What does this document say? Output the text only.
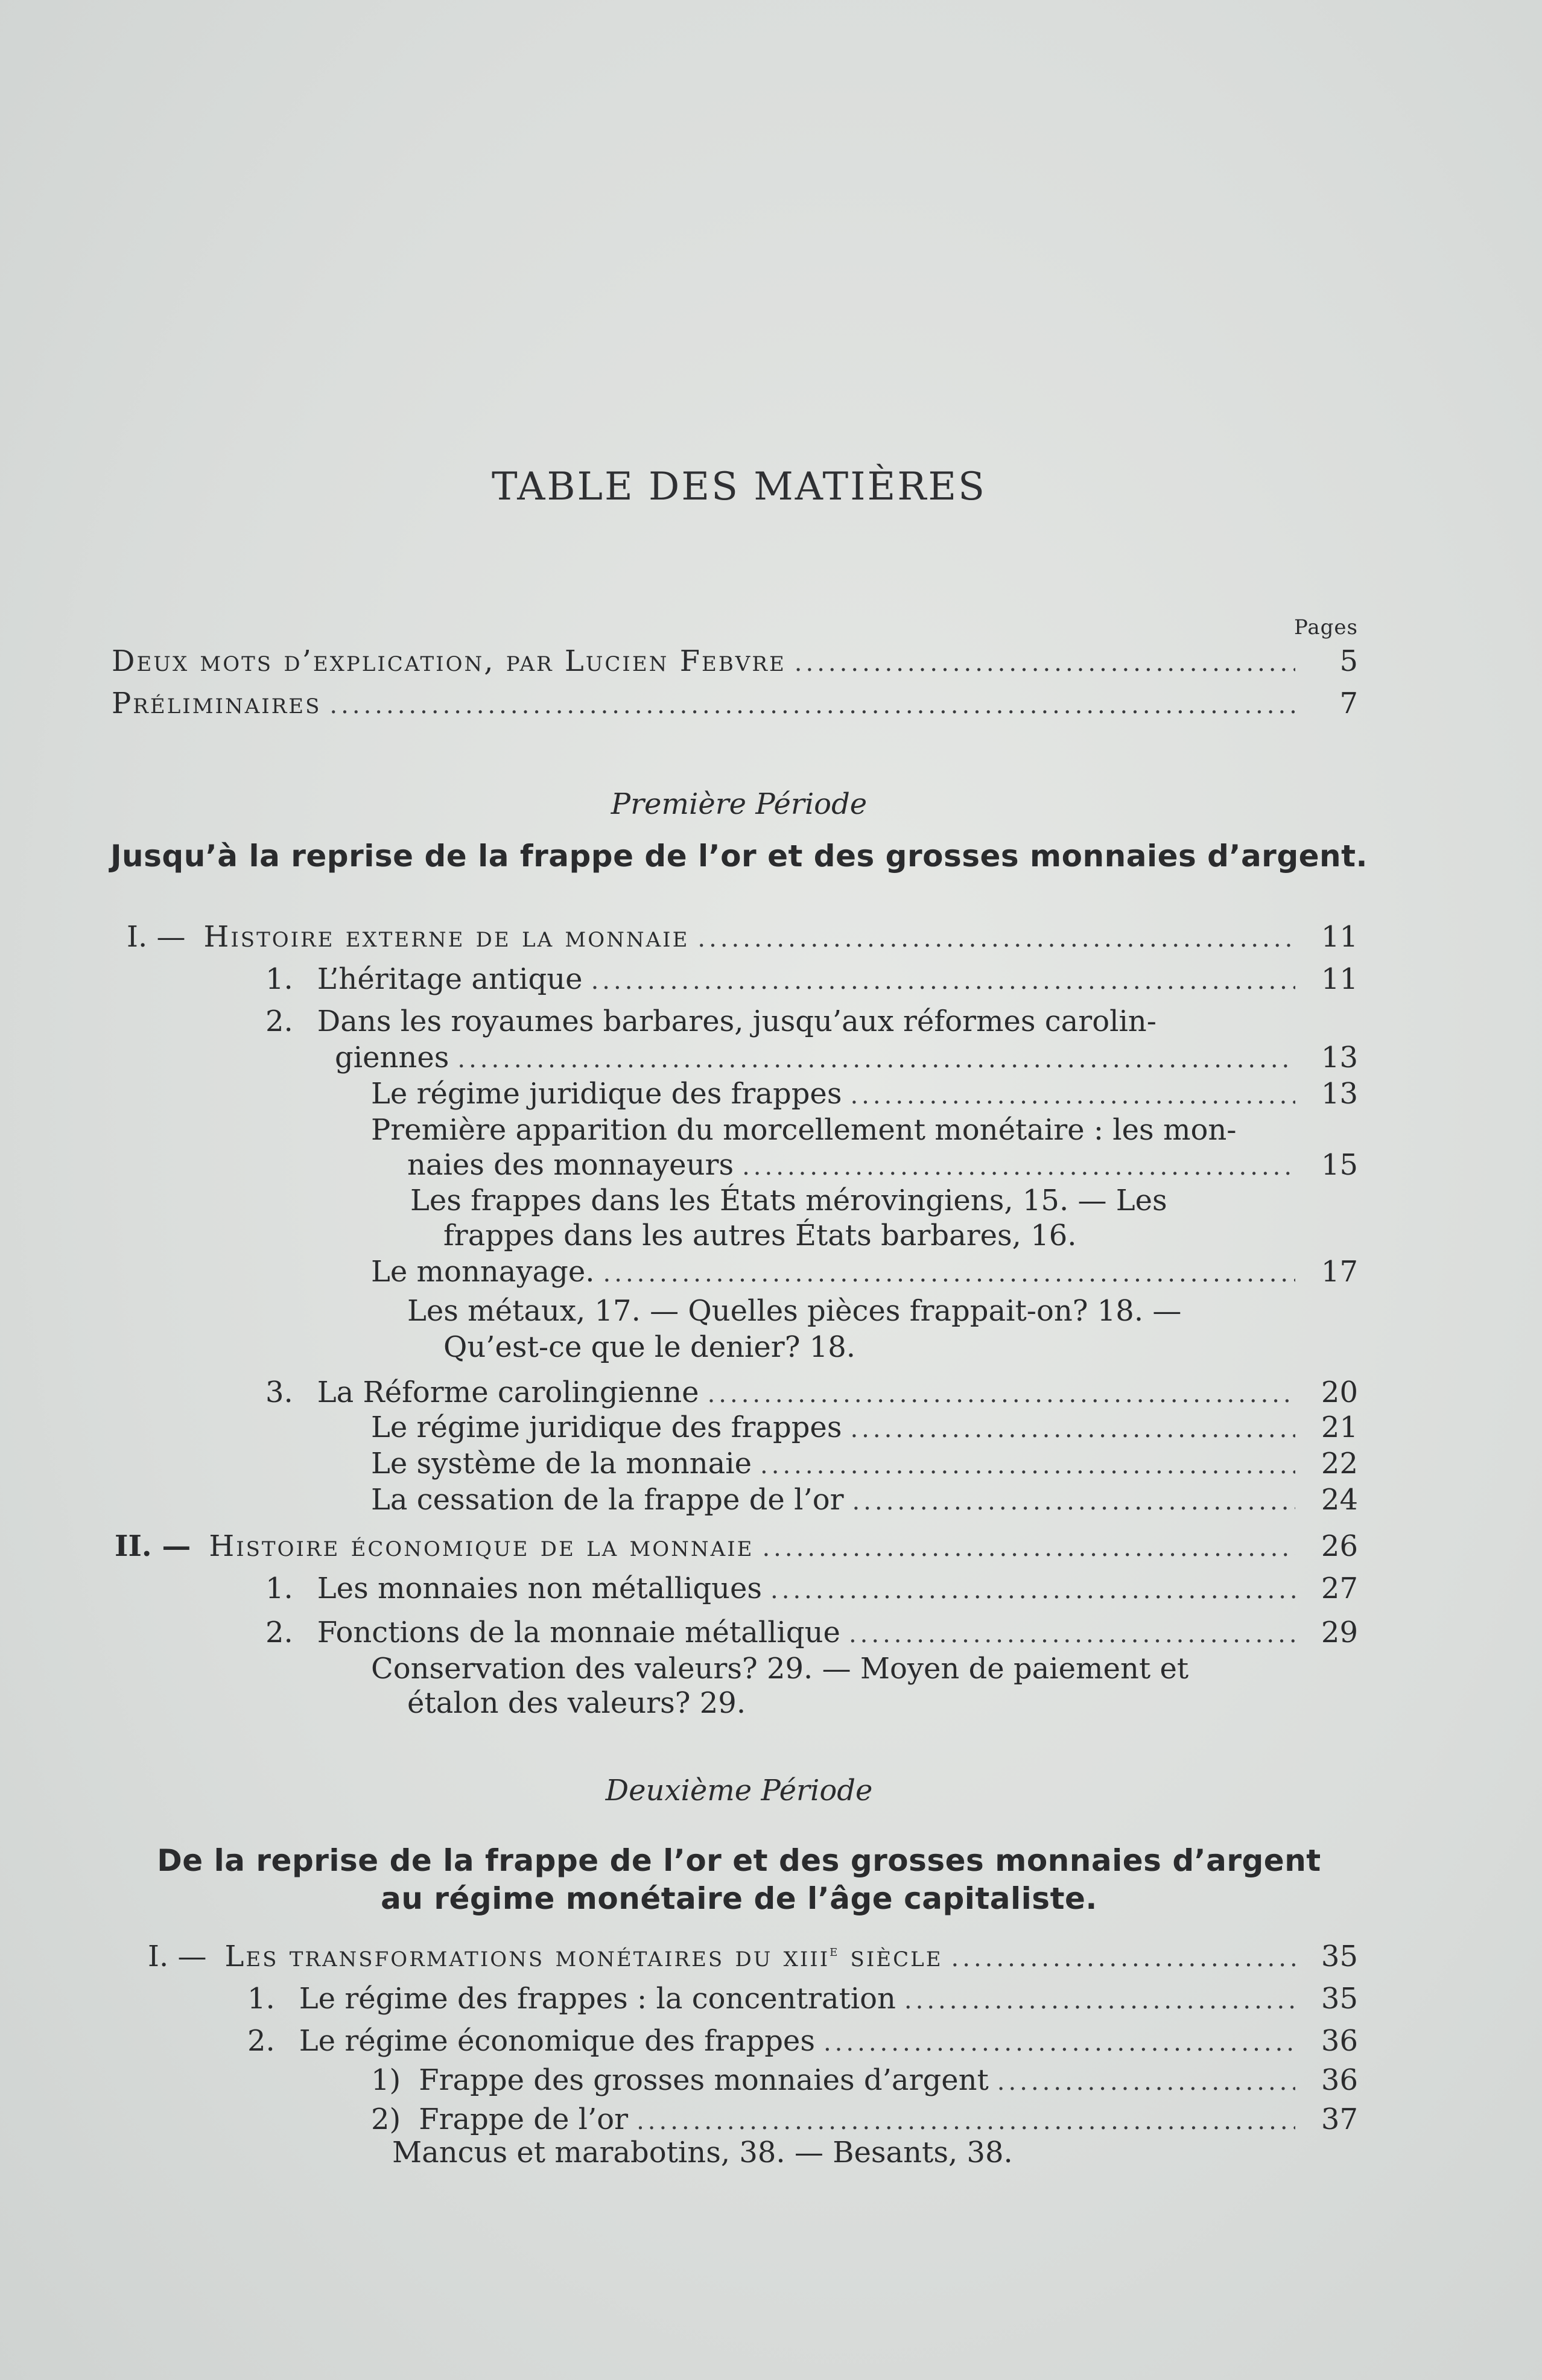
TABLE DES MATIÈRES
Pages
Deux mots d’explication, par Lucien Febvre .....	5
Préliminaires .....	7
Première Période
Jusqu’à la reprise de la frappe de l’or et des grosses monnaies d’argent.
I. — Histoire externe de la monnaie .....	11
1. L’héritage antique .....	11
2. Dans les royaumes barbares, jusqu’aux réformes carolin-
giennes .....	13
Le régime juridique des frappes .....	13
Première apparition du morcellement monétaire : les mon-
naies des monnayeurs .....	15
Les frappes dans les États mérovingiens, 15. — Les
frappes dans les autres États barbares, 16.
Le monnayage. .....	17
Les métaux, 17. — Quelles pièces frappait-on? 18. —
Qu’est-ce que le denier? 18.
3. La Réforme carolingienne .....	20
Le régime juridique des frappes .....	21
Le système de la monnaie .....	22
La cessation de la frappe de l’or .....	24
II. — Histoire économique de la monnaie .....	26
1. Les monnaies non métalliques .....	27
2. Fonctions de la monnaie métallique .....	29
Conservation des valeurs? 29. — Moyen de paiement et
étalon des valeurs? 29.
Deuxième Période
De la reprise de la frappe de l’or et des grosses monnaies d’argent
au régime monétaire de l’âge capitaliste.
I. — Les transformations monétaires du xiii$^e$ siècle .....	35
1. Le régime des frappes : la concentration .....	35
2. Le régime économique des frappes .....	36
1) Frappe des grosses monnaies d’argent .....	36
2) Frappe de l’or .....	37
Mancus et marabotins, 38. — Besants, 38.
